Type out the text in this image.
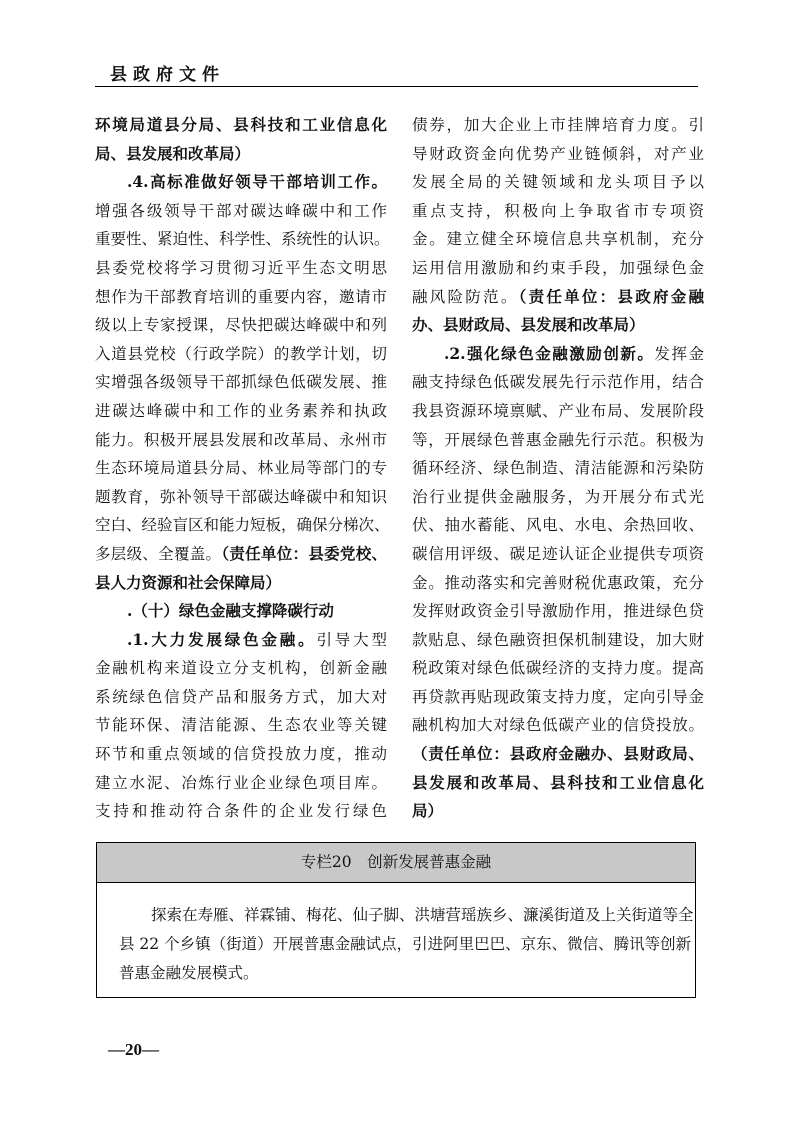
县政府文件
环境局道县分局、县科技和工业信息化
局、县发展和改革局）
.4.高标准做好领导干部培训工作。
增强各级领导干部对碳达峰碳中和工作
重要性、紧迫性、科学性、系统性的认识。
县委党校将学习贯彻习近平生态文明思
想作为干部教育培训的重要内容，邀请市
级以上专家授课，尽快把碳达峰碳中和列
入道县党校（行政学院）的教学计划，切
实增强各级领导干部抓绿色低碳发展、推
进碳达峰碳中和工作的业务素养和执政
能力。积极开展县发展和改革局、永州市
生态环境局道县分局、林业局等部门的专
题教育，弥补领导干部碳达峰碳中和知识
空白、经验盲区和能力短板，确保分梯次、
多层级、全覆盖。（责任单位：县委党校、
县人力资源和社会保障局）
.（十）绿色金融支撑降碳行动
.1.大力发展绿色金融。引导大型
金融机构来道设立分支机构，创新金融
系统绿色信贷产品和服务方式，加大对
节能环保、清洁能源、生态农业等关键
环节和重点领域的信贷投放力度，推动
建立水泥、冶炼行业企业绿色项目库。
支持和推动符合条件的企业发行绿色
债券，加大企业上市挂牌培育力度。引
导财政资金向优势产业链倾斜，对产业
发展全局的关键领域和龙头项目予以
重点支持，积极向上争取省市专项资
金。建立健全环境信息共享机制，充分
运用信用激励和约束手段，加强绿色金
融风险防范。（责任单位：县政府金融
办、县财政局、县发展和改革局）
.2.强化绿色金融激励创新。发挥金
融支持绿色低碳发展先行示范作用，结合
我县资源环境禀赋、产业布局、发展阶段
等，开展绿色普惠金融先行示范。积极为
循环经济、绿色制造、清洁能源和污染防
治行业提供金融服务，为开展分布式光
伏、抽水蓄能、风电、水电、余热回收、
碳信用评级、碳足迹认证企业提供专项资
金。推动落实和完善财税优惠政策，充分
发挥财政资金引导激励作用，推进绿色贷
款贴息、绿色融资担保机制建设，加大财
税政策对绿色低碳经济的支持力度。提高
再贷款再贴现政策支持力度，定向引导金
融机构加大对绿色低碳产业的信贷投放。
（责任单位：县政府金融办、县财政局、
县发展和改革局、县科技和工业信息化
局）
专栏20　创新发展普惠金融
探索在寿雁、祥霖铺、梅花、仙子脚、洪塘营瑶族乡、濂溪街道及上关街道等全
县 22 个乡镇（街道）开展普惠金融试点，引进阿里巴巴、京东、微信、腾讯等创新
普惠金融发展模式。
—20—
